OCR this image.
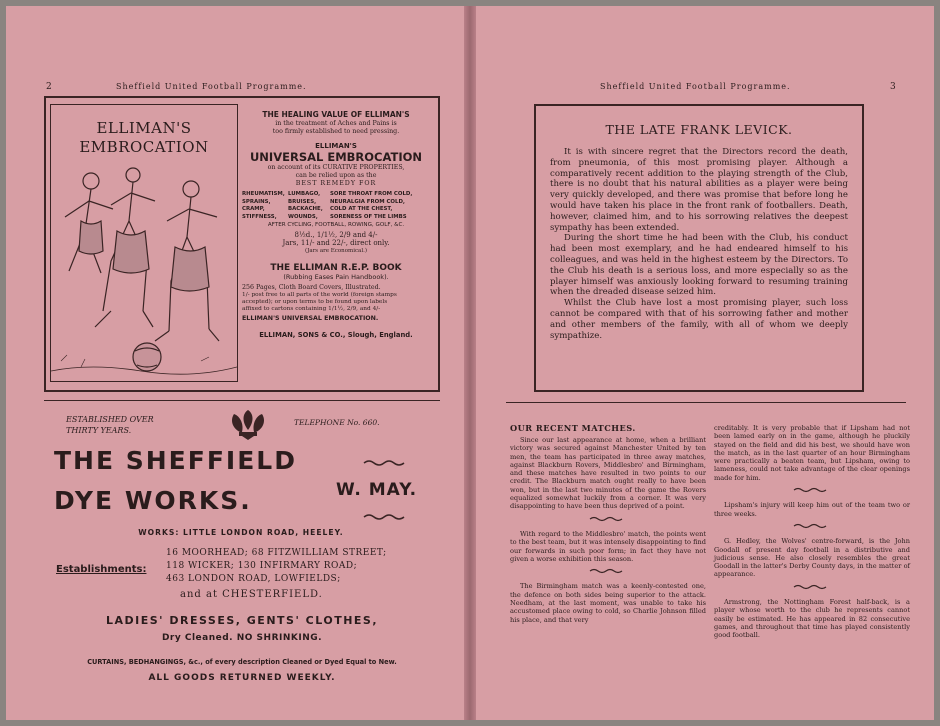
2	Sheffield United Football Programme.
ELLIMAN'S EMBROCATION
THE HEALING VALUE OF ELLIMAN'S
in the treatment of Aches and Pains is
too firmly established to need pressing.
ELLIMAN'S
UNIVERSAL EMBROCATION
on account of its CURATIVE PROPERTIES,
can be relied upon as the
BEST REMEDY FOR
RHEUMATISM, LUMBAGO,	SORE THROAT FROM COLD,
SPRAINS,	BRUISES,	NEURALGIA FROM COLD,
CRAMP,	BACKACHE,	COLD AT THE CHEST,
STIFFNESS,	WOUNDS,	SORENESS OF THE LIMBS
AFTER CYCLING, FOOTBALL, ROWING, GOLF, &C.
8½d., 1/1½, 2/9 and 4/-
Jars, 11/- and 22/-, direct only.
(Jars are Economical.)
THE ELLIMAN R.E.P. BOOK
(Rubbing Eases Pain Handbook).
256 Pages, Cloth Board Covers, Illustrated.
1/- post free to all parts of the world (foreign stamps
accepted); or upon terms to be found upon labels
affixed to cartons containing 1/1½, 2/9, and 4/-
ELLIMAN'S UNIVERSAL EMBROCATION.
ELLIMAN, SONS & CO., Slough, England.
ESTABLISHED OVER
THIRTY YEARS.
TELEPHONE No. 660.
THE SHEFFIELD
DYE WORKS.	W. MAY.
WORKS: LITTLE LONDON ROAD, HEELEY.
Establishments:
16 MOORHEAD; 68 FITZWILLIAM STREET;
118 WICKER; 130 INFIRMARY ROAD;
463 LONDON ROAD, LOWFIELDS;
and at CHESTERFIELD.
LADIES' DRESSES, GENTS' CLOTHES,
Dry Cleaned. NO SHRINKING.
CURTAINS, BEDHANGINGS, &c., of every description Cleaned or Dyed Equal to New.
ALL GOODS RETURNED WEEKLY.
Sheffield United Football Programme.	3
THE LATE FRANK LEVICK.

It is with sincere regret that the Directors record the death, from pneumonia, of this most promising player. Although a comparatively recent addition to the playing strength of the Club, there is no doubt that his natural abilities as a player were being very quickly developed, and there was promise that before long he would have taken his place in the front rank of footballers. Death, however, claimed him, and to his sorrowing relatives the deepest sympathy has been extended.

During the short time he had been with the Club, his conduct had been most exemplary, and he had endeared himself to his colleagues, and was held in the highest esteem by the Directors. To the Club his death is a serious loss, and more especially so as the player himself was anxiously looking forward to resuming training when the dreaded disease seized him.

Whilst the Club have lost a most promising player, such loss cannot be compared with that of his sorrowing father and mother and other members of the family, with all of whom we deeply sympathize.

OUR RECENT MATCHES.

Since our last appearance at home, when a brilliant victory was secured against Manchester United by ten men, the team has participated in three away matches, against Blackburn Rovers, Middlesbro' and Birmingham, and these matches have resulted in two points to our credit. The Blackburn match ought really to have been won, but in the last two minutes of the game the Rovers equalized somewhat luckily from a corner. It was very disappointing to have been thus deprived of a point.

With regard to the Middlesbro' match, the points went to the best team, but it was intensely disappointing to find our forwards in such poor form; in fact they have not given a worse exhibition this season.

The Birmingham match was a keenly-contested one, the defence on both sides being superior to the attack. Needham, at the last moment, was unable to take his accustomed place owing to cold, so Charlie Johnson filled his place, and that very

creditably. It is very probable that if Lipsham had not been lamed early on in the game, although he pluckily stayed on the field and did his best, we should have won the match, as in the last quarter of an hour Birmingham were practically a beaten team, but Lipsham, owing to lameness, could not take advantage of the clear openings made for him.

Lipsham's injury will keep him out of the team two or three weeks.

G. Hedley, the Wolves' centre-forward, is the John Goodall of present day football in a distributive and judicious sense. He also closely resembles the great Goodall in the latter's Derby County days, in the matter of appearance.

Armstrong, the Nottingham Forest half-back, is a player whose worth to the club he represents cannot easily be estimated. He has appeared in 82 consecutive games, and throughout that time has played consistently good football.
